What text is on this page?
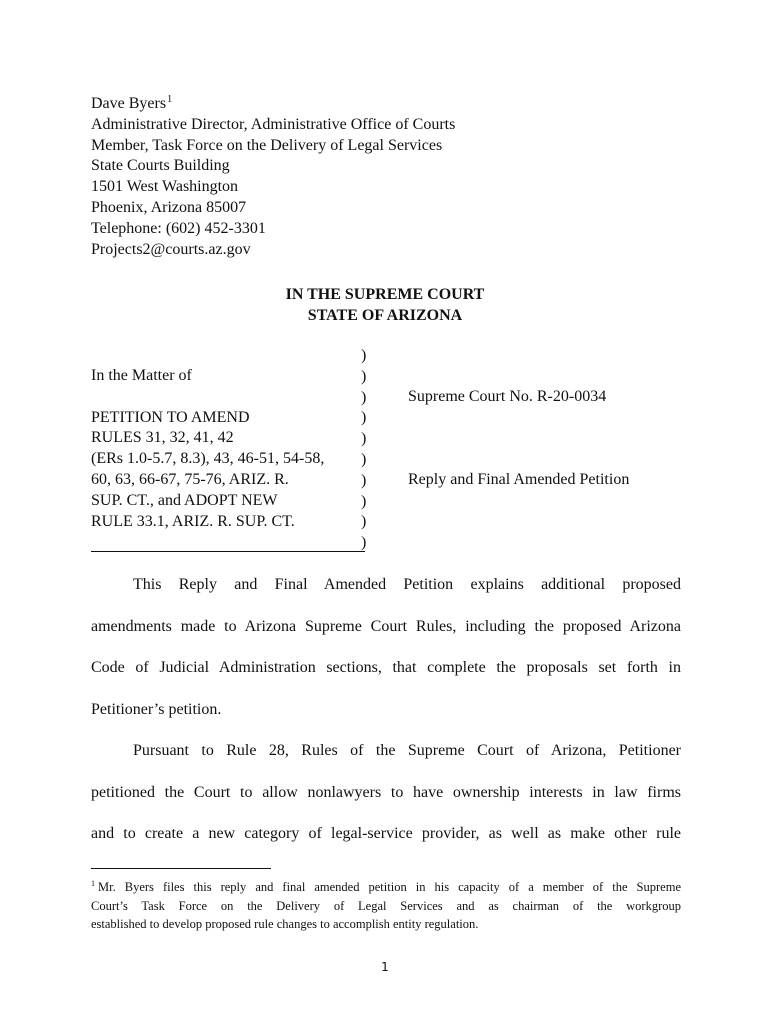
Dave Byers$^1$
Administrative Director, Administrative Office of Courts
Member, Task Force on the Delivery of Legal Services
State Courts Building
1501 West Washington
Phoenix, Arizona 85007
Telephone: (602) 452-3301
Projects2@courts.az.gov
IN THE SUPREME COURT
STATE OF ARIZONA
In the Matter of
PETITION TO AMEND
RULES 31, 32, 41, 42
(ERs 1.0-5.7, 8.3), 43, 46-51, 54-58,
60, 63, 66-67, 75-76, ARIZ. R.
SUP. CT., and ADOPT NEW
RULE 33.1, ARIZ. R. SUP. CT.
)
)
)
)
)
)
)
)
)
)
Supreme Court No. R-20-0034
Reply and Final Amended Petition
This Reply and Final Amended Petition explains additional proposed
amendments made to Arizona Supreme Court Rules, including the proposed Arizona
Code of Judicial Administration sections, that complete the proposals set forth in
Petitioner’s petition.
Pursuant to Rule 28, Rules of the Supreme Court of Arizona, Petitioner
petitioned the Court to allow nonlawyers to have ownership interests in law firms
and to create a new category of legal-service provider, as well as make other rule
$^1$ Mr. Byers files this reply and final amended petition in his capacity of a member of the Supreme
Court’s Task Force on the Delivery of Legal Services and as chairman of the workgroup
established to develop proposed rule changes to accomplish entity regulation.
1
